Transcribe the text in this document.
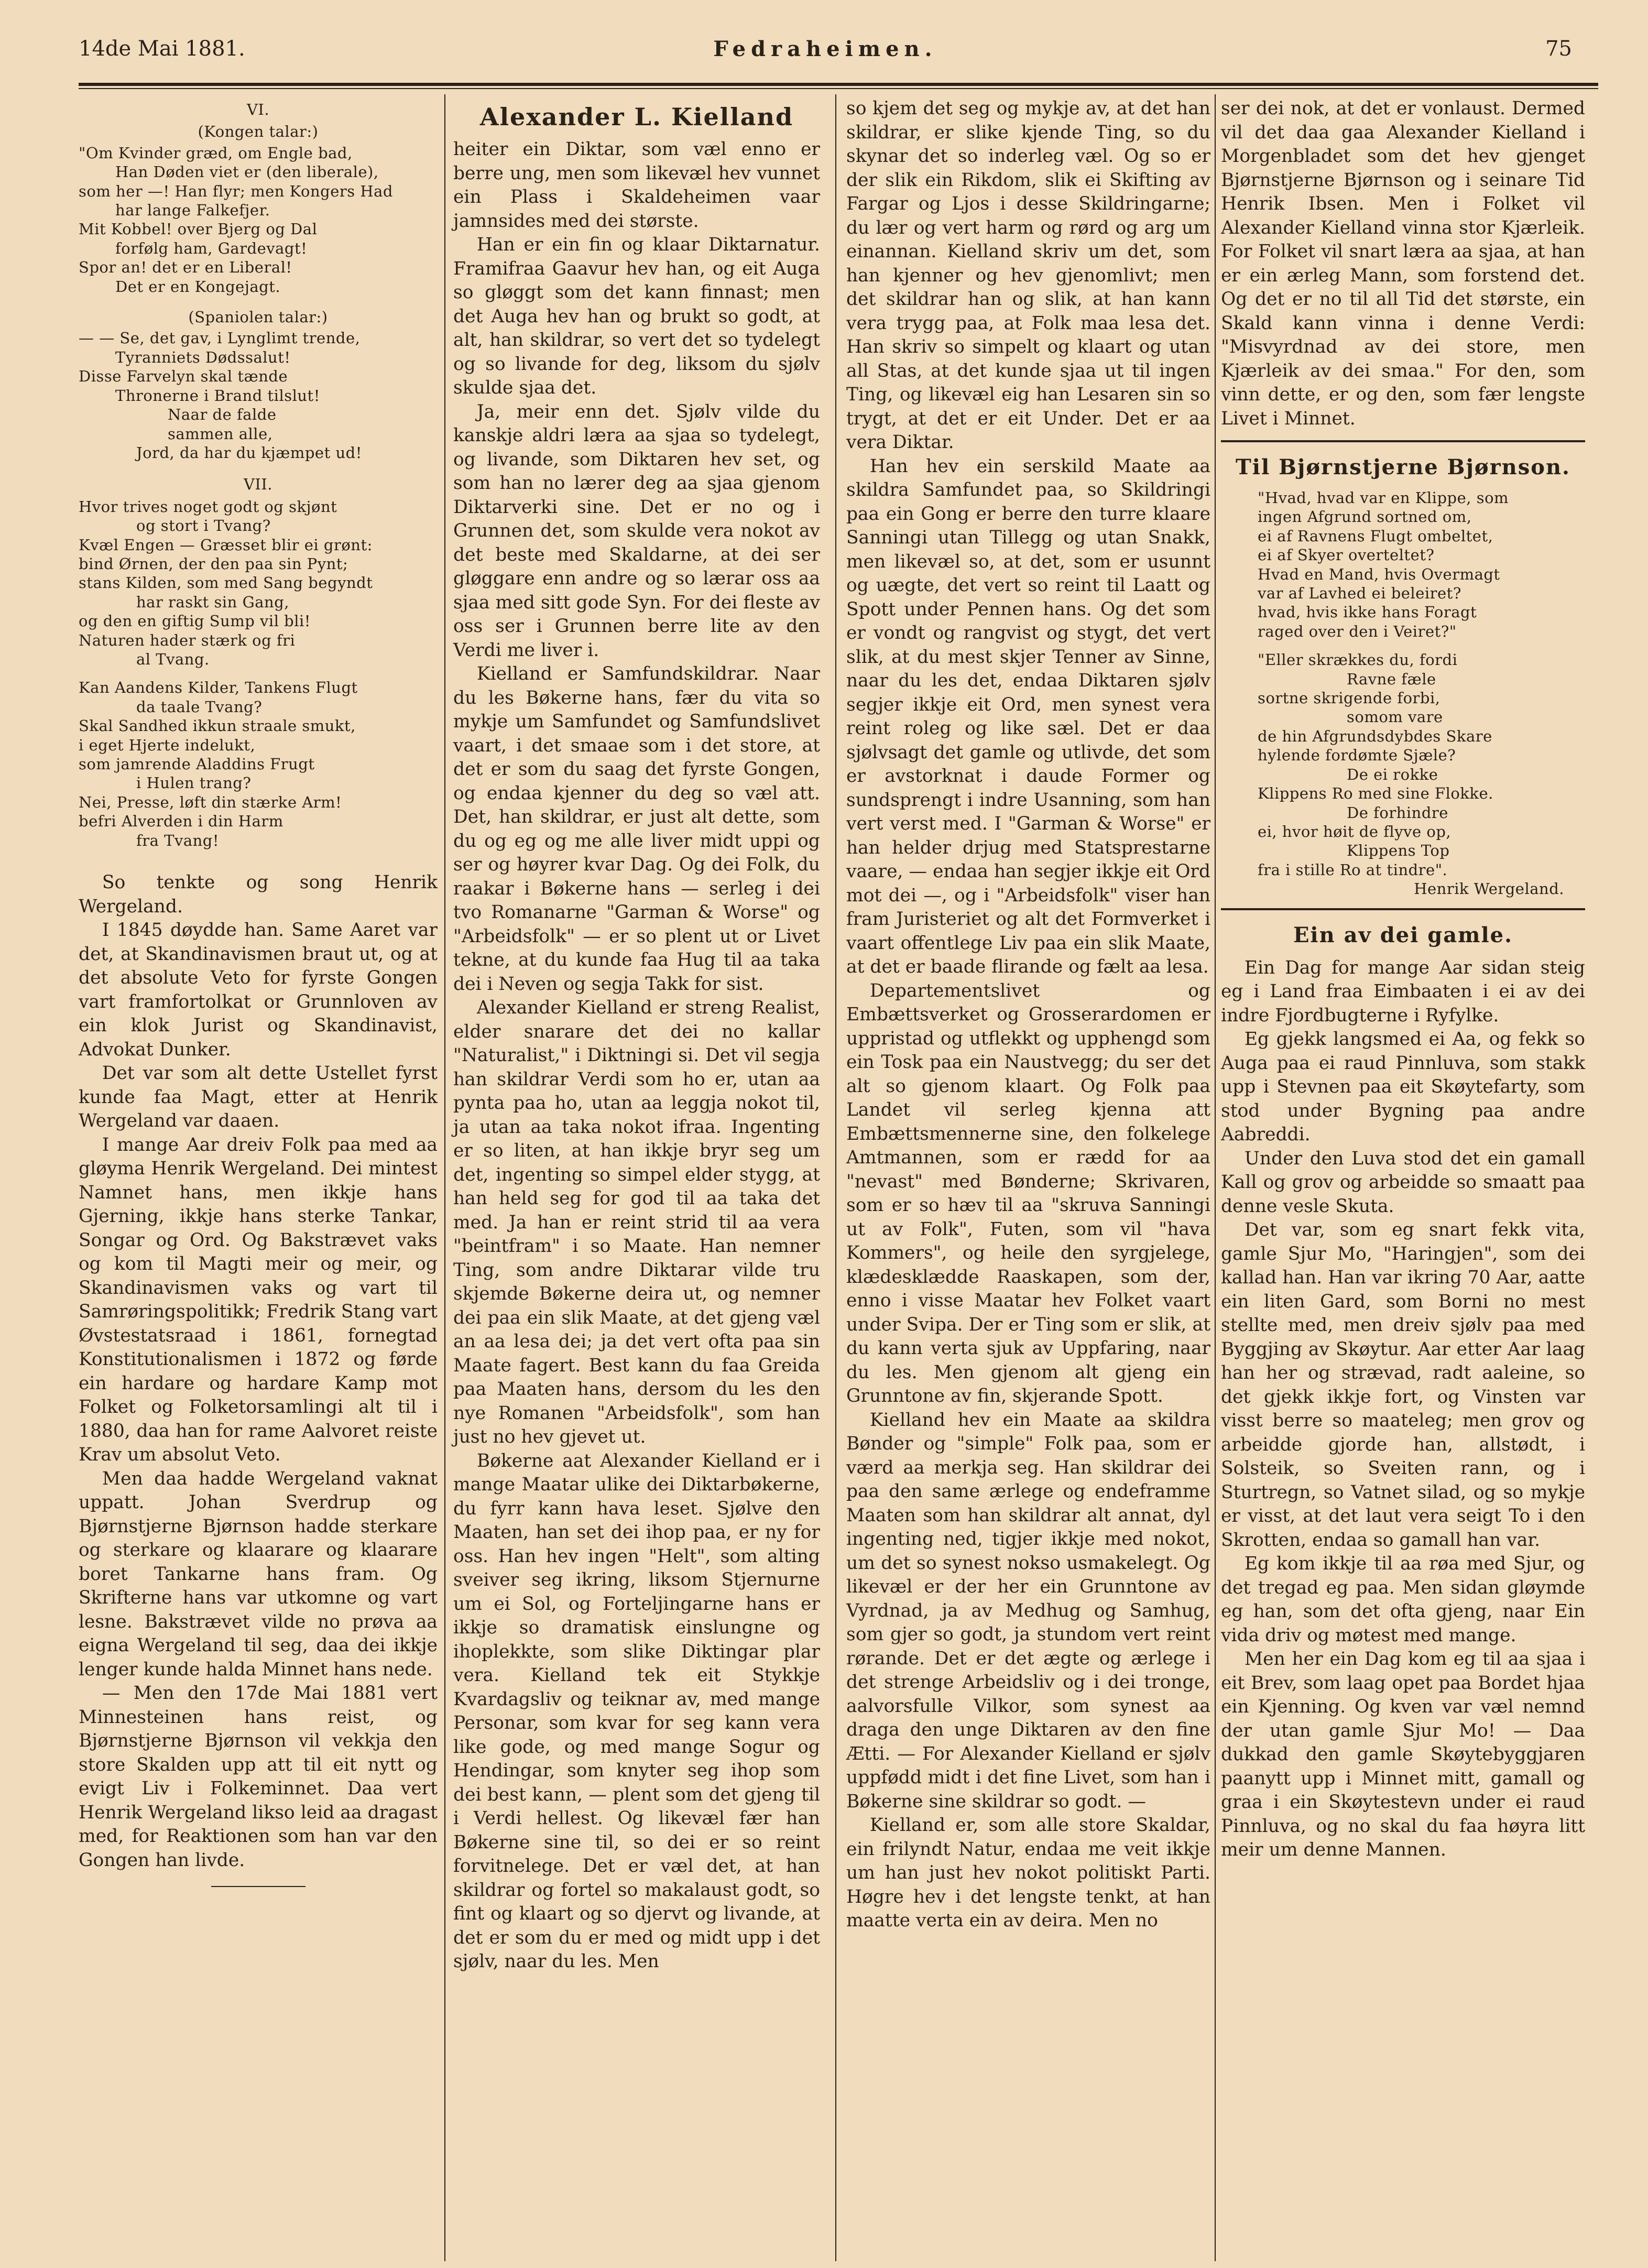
14de Mai 1881.	Fedraheimen.	75
VI.
(Kongen talar:)
"Om Kvinder græd, om Engle bad,
Han Døden viet er (den liberale),
som her —! Han flyr; men Kongers Had
har lange Falkefjer.
Mit Kobbel! over Bjerg og Dal
forfølg ham, Gardevagt!
Spor an! det er en Liberal!
Det er en Kongejagt.
(Spaniolen talar:)
— — Se, det gav, i Lynglimt trende,
Tyranniets Dødssalut!
Disse Farvelyn skal tænde
Thronerne i Brand tilslut!
Naar de falde
sammen alle,
Jord, da har du kjæmpet ud!
VII.
Hvor trives noget godt og skjønt
og stort i Tvang?
Kvæl Engen — Græsset blir ei grønt:
bind Ørnen, der den paa sin Pynt;
stans Kilden, som med Sang begyndt
har raskt sin Gang,
og den en giftig Sump vil bli!
Naturen hader stærk og fri
al Tvang.
Kan Aandens Kilder, Tankens Flugt
da taale Tvang?
Skal Sandhed ikkun straale smukt,
i eget Hjerte indelukt,
som jamrende Aladdins Frugt
i Hulen trang?
Nei, Presse, løft din stærke Arm!
befri Alverden i din Harm
fra Tvang!

So tenkte og song Henrik Wergeland.

I 1845 døydde han. Same Aaret var det, at Skandinavismen braut ut, og at det absolute Veto for fyrste Gongen vart framfortolkat or Grunnloven av ein klok Jurist og Skandinavist, Advokat Dunker.

Det var som alt dette Ustellet fyrst kunde faa Magt, etter at Henrik Wergeland var daaen.

I mange Aar dreiv Folk paa med aa gløyma Henrik Wergeland. Dei mintest Namnet hans, men ikkje hans Gjerning, ikkje hans sterke Tankar, Songar og Ord. Og Bakstrævet vaks og kom til Magti meir og meir, og Skandinavismen vaks og vart til Samrøringspolitikk; Fredrik Stang vart Øvstestatsraad i 1861, fornegtad Konstitutionalismen i 1872 og førde ein hardare og hardare Kamp mot Folket og Folketorsamlingi alt til i 1880, daa han for rame Aalvoret reiste Krav um absolut Veto.

Men daa hadde Wergeland vaknat uppatt. Johan Sverdrup og Bjørnstjerne Bjørnson hadde sterkare og sterkare og klaarare og klaarare boret Tankarne hans fram. Og Skrifterne hans var utkomne og vart lesne. Bakstrævet vilde no prøva aa eigna Wergeland til seg, daa dei ikkje lenger kunde halda Minnet hans nede.

— Men den 17de Mai 1881 vert Minnesteinen hans reist, og Bjørnstjerne Bjørnson vil vekkja den store Skalden upp att til eit nytt og evigt Liv i Folkeminnet. Daa vert Henrik Wergeland likso leid aa dragast med, for Reaktionen som han var den Gongen han livde.

Alexander L. Kielland

heiter ein Diktar, som væl enno er berre ung, men som likevæl hev vunnet ein Plass i Skaldeheimen vaar jamnsides med dei største.

Han er ein fin og klaar Diktarnatur. Framifraa Gaavur hev han, og eit Auga so gløggt som det kann finnast; men det Auga hev han og brukt so godt, at alt, han skildrar, so vert det so tydelegt og so livande for deg, liksom du sjølv skulde sjaa det.

Ja, meir enn det. Sjølv vilde du kanskje aldri læra aa sjaa so tydelegt, og livande, som Diktaren hev set, og som han no lærer deg aa sjaa gjenom Diktarverki sine. Det er no og i Grunnen det, som skulde vera nokot av det beste med Skaldarne, at dei ser gløggare enn andre og so lærar oss aa sjaa med sitt gode Syn. For dei fleste av oss ser i Grunnen berre lite av den Verdi me liver i.

Kielland er Samfundskildrar. Naar du les Bøkerne hans, fær du vita so mykje um Samfundet og Samfundslivet vaart, i det smaae som i det store, at det er som du saag det fyrste Gongen, og endaa kjenner du deg so væl att. Det, han skildrar, er just alt dette, som du og eg og me alle liver midt uppi og ser og høyrer kvar Dag. Og dei Folk, du raakar i Bøkerne hans — serleg i dei tvo Romanarne "Garman & Worse" og "Arbeidsfolk" — er so plent ut or Livet tekne, at du kunde faa Hug til aa taka dei i Neven og segja Takk for sist.

Alexander Kielland er streng Realist, elder snarare det dei no kallar "Naturalist," i Diktningi si. Det vil segja han skildrar Verdi som ho er, utan aa pynta paa ho, utan aa leggja nokot til, ja utan aa taka nokot ifraa. Ingenting er so liten, at han ikkje bryr seg um det, ingenting so simpel elder stygg, at han held seg for god til aa taka det med. Ja han er reint strid til aa vera "beintfram" i so Maate. Han nemner Ting, som andre Diktarar vilde tru skjemde Bøkerne deira ut, og nemner dei paa ein slik Maate, at det gjeng væl an aa lesa dei; ja det vert ofta paa sin Maate fagert. Best kann du faa Greida paa Maaten hans, dersom du les den nye Romanen "Arbeidsfolk", som han just no hev gjevet ut.

Bøkerne aat Alexander Kielland er i mange Maatar ulike dei Diktarbøkerne, du fyrr kann hava leset. Sjølve den Maaten, han set dei ihop paa, er ny for oss. Han hev ingen "Helt", som alting sveiver seg ikring, liksom Stjernurne um ei Sol, og Forteljingarne hans er ikkje so dramatisk einslungne og ihoplekkte, som slike Diktingar plar vera. Kielland tek eit Stykkje Kvardagsliv og teiknar av, med mange Personar, som kvar for seg kann vera like gode, og med mange Sogur og Hendingar, som knyter seg ihop som dei best kann, — plent som det gjeng til i Verdi hellest. Og likevæl fær han Bøkerne sine til, so dei er so reint forvitnelege. Det er væl det, at han skildrar og fortel so makalaust godt, so fint og klaart og so djervt og livande, at det er som du er med og midt upp i det sjølv, naar du les. Men

so kjem det seg og mykje av, at det han skildrar, er slike kjende Ting, so du skynar det so inderleg væl. Og so er der slik ein Rikdom, slik ei Skifting av Fargar og Ljos i desse Skildringarne; du lær og vert harm og rørd og arg um einannan. Kielland skriv um det, som han kjenner og hev gjenomlivt; men det skildrar han og slik, at han kann vera trygg paa, at Folk maa lesa det. Han skriv so simpelt og klaart og utan all Stas, at det kunde sjaa ut til ingen Ting, og likevæl eig han Lesaren sin so trygt, at det er eit Under. Det er aa vera Diktar.

Han hev ein serskild Maate aa skildra Samfundet paa, so Skildringi paa ein Gong er berre den turre klaare Sanningi utan Tillegg og utan Snakk, men likevæl so, at det, som er usunnt og uægte, det vert so reint til Laatt og Spott under Pennen hans. Og det som er vondt og rangvist og stygt, det vert slik, at du mest skjer Tenner av Sinne, naar du les det, endaa Diktaren sjølv segjer ikkje eit Ord, men synest vera reint roleg og like sæl. Det er daa sjølvsagt det gamle og utlivde, det som er avstorknat i daude Former og sundsprengt i indre Usanning, som han vert verst med. I "Garman & Worse" er han helder drjug med Statsprestarne vaare, — endaa han segjer ikkje eit Ord mot dei —, og i "Arbeidsfolk" viser han fram Juristeriet og alt det Formverket i vaart offentlege Liv paa ein slik Maate, at det er baade flirande og fælt aa lesa.

Departementslivet og Embættsverket og Grosserardomen er uppristad og utflekkt og upphengd som ein Tosk paa ein Naustvegg; du ser det alt so gjenom klaart. Og Folk paa Landet vil serleg kjenna att Embættsmennerne sine, den folkelege Amtmannen, som er rædd for aa "nevast" med Bønderne; Skrivaren, som er so hæv til aa "skruva Sanningi ut av Folk", Futen, som vil "hava Kommers", og heile den syrgjelege, klædesklædde Raaskapen, som der, enno i visse Maatar hev Folket vaart under Svipa. Der er Ting som er slik, at du kann verta sjuk av Uppfaring, naar du les. Men gjenom alt gjeng ein Grunntone av fin, skjerande Spott.

Kielland hev ein Maate aa skildra Bønder og "simple" Folk paa, som er værd aa merkja seg. Han skildrar dei paa den same ærlege og endeframme Maaten som han skildrar alt annat, dyl ingenting ned, tigjer ikkje med nokot, um det so synest nokso usmakelegt. Og likevæl er der her ein Grunntone av Vyrdnad, ja av Medhug og Samhug, som gjer so godt, ja stundom vert reint rørande. Det er det ægte og ærlege i det strenge Arbeidsliv og i dei tronge, aalvorsfulle Vilkor, som synest aa draga den unge Diktaren av den fine Ætti. — For Alexander Kielland er sjølv uppfødd midt i det fine Livet, som han i Bøkerne sine skildrar so godt. —

Kielland er, som alle store Skaldar, ein frilyndt Natur, endaa me veit ikkje um han just hev nokot politiskt Parti. Høgre hev i det lengste tenkt, at han maatte verta ein av deira. Men no

ser dei nok, at det er vonlaust. Dermed vil det daa gaa Alexander Kielland i Morgenbladet som det hev gjenget Bjørnstjerne Bjørnson og i seinare Tid Henrik Ibsen. Men i Folket vil Alexander Kielland vinna stor Kjærleik. For Folket vil snart læra aa sjaa, at han er ein ærleg Mann, som forstend det. Og det er no til all Tid det største, ein Skald kann vinna i denne Verdi: "Misvyrdnad av dei store, men Kjærleik av dei smaa." For den, som vinn dette, er og den, som fær lengste Livet i Minnet.

Til Bjørnstjerne Bjørnson.
"Hvad, hvad var en Klippe, som
ingen Afgrund sortned om,
ei af Ravnens Flugt ombeltet,
ei af Skyer overteltet?
Hvad en Mand, hvis Overmagt
var af Lavhed ei beleiret?
hvad, hvis ikke hans Foragt
raged over den i Veiret?"
"Eller skrækkes du, fordi
Ravne fæle
sortne skrigende forbi,
somom vare
de hin Afgrundsdybdes Skare
hylende fordømte Sjæle?
De ei rokke
Klippens Ro med sine Flokke.
De forhindre
ei, hvor høit de flyve op,
Klippens Top
fra i stille Ro at tindre".
Henrik Wergeland.
Ein av dei gamle.

Ein Dag for mange Aar sidan steig eg i Land fraa Eimbaaten i ei av dei indre Fjordbugterne i Ryfylke.

Eg gjekk langsmed ei Aa, og fekk so Auga paa ei raud Pinnluva, som stakk upp i Stevnen paa eit Skøytefarty, som stod under Bygning paa andre Aabreddi.

Under den Luva stod det ein gamall Kall og grov og arbeidde so smaatt paa denne vesle Skuta.

Det var, som eg snart fekk vita, gamle Sjur Mo, "Haringjen", som dei kallad han. Han var ikring 70 Aar, aatte ein liten Gard, som Borni no mest stellte med, men dreiv sjølv paa med Byggjing av Skøytur. Aar etter Aar laag han her og strævad, radt aaleine, so det gjekk ikkje fort, og Vinsten var visst berre so maateleg; men grov og arbeidde gjorde han, allstødt, i Solsteik, so Sveiten rann, og i Sturtregn, so Vatnet silad, og so mykje er visst, at det laut vera seigt To i den Skrotten, endaa so gamall han var.

Eg kom ikkje til aa røa med Sjur, og det tregad eg paa. Men sidan gløymde eg han, som det ofta gjeng, naar Ein vida driv og møtest med mange.

Men her ein Dag kom eg til aa sjaa i eit Brev, som laag opet paa Bordet hjaa ein Kjenning. Og kven var væl nemnd der utan gamle Sjur Mo! — Daa dukkad den gamle Skøytebyggjaren paanytt upp i Minnet mitt, gamall og graa i ein Skøytestevn under ei raud Pinnluva, og no skal du faa høyra litt meir um denne Mannen.
